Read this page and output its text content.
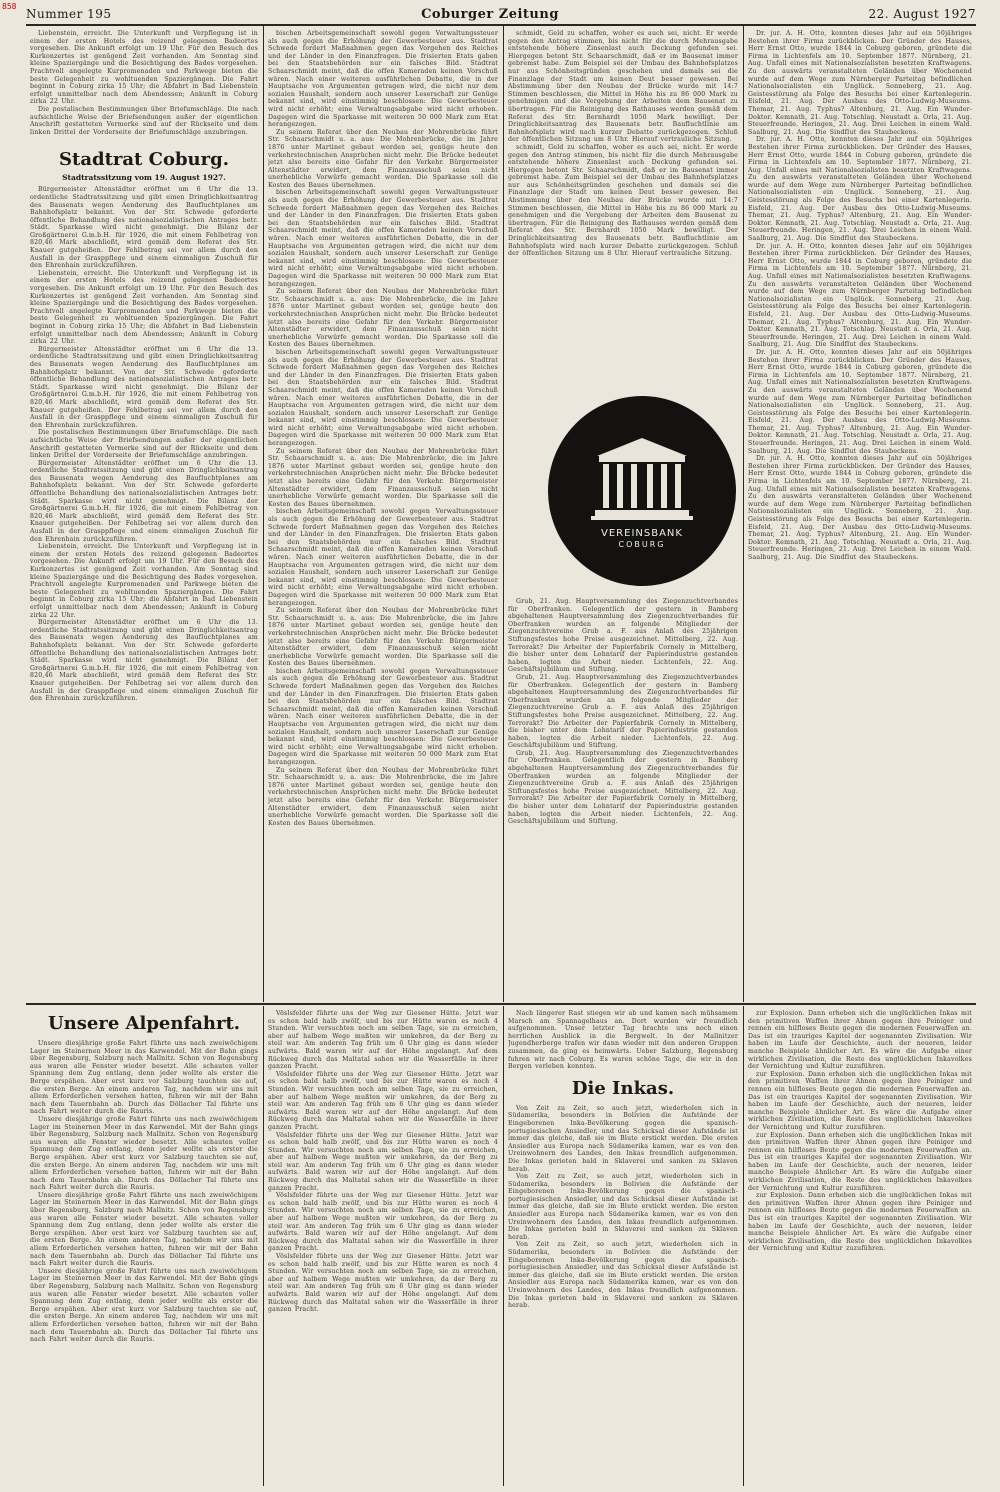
858
Nummer 195	Coburger Zeitung	22. August 1927

Liebenstein, erreicht. Die Unterkunft und Verpflegung ist in einem der ersten Hotels des reizend gelegenen Badeortes vorgesehen. Die Ankunft erfolgt um 19 Uhr. Für den Besuch des Kurkonzertes ist genügend Zeit vorhanden. Am Sonntag sind kleine Spaziergänge und die Besichtigung des Bades vorgesehen. Prachtvoll angelegte Kurpromenaden und Parkwege bieten die beste Gelegenheit zu wohltuenden Spaziergängen. Die Fahrt beginnt in Coburg zirka 15 Uhr; die Abfahrt in Bad Liebenstein erfolgt unmittelbar nach dem Abendessen; Ankunft in Coburg zirka 22 Uhr.

Die postalischen Bestimmungen über Briefumschläge. Die nach aufsichtliche Weise der Briefsendungen außer der eigentlichen Anschrift gestatteten Vermerke sind auf der Rückseite und dem linken Drittel der Vorderseite der Briefumschläge anzubringen.

Stadtrat Coburg.
Stadtratssitzung vom 19. August 1927.

Bürgermeister Altenstädter eröffnet um 6 Uhr die 13. ordentliche Stadtratssitzung und gibt einen Dringlichkeitsantrag des Bausenats wegen Aenderung des Baufluchtplanes am Bahnhofsplatz bekannt. Von der Str. Schwede geforderte öffentliche Behandlung des nationalsozialistischen Antrages betr. Städt. Sparkasse wird nicht genehmigt. Die Bilanz der Großgärtnerei G.m.b.H. für 1926, die mit einem Fehlbetrag von 820,46 Mark abschließt, wird gemäß dem Referat des Str. Knauer gutgeheißen. Der Fehlbetrag sei vor allem durch den Ausfall in der Grasppflege und einem einmaligen Zuschuß für den Ehrenhain zurückzuführen.

Liebenstein, erreicht. Die Unterkunft und Verpflegung ist in einem der ersten Hotels des reizend gelegenen Badeortes vorgesehen. Die Ankunft erfolgt um 19 Uhr. Für den Besuch des Kurkonzertes ist genügend Zeit vorhanden. Am Sonntag sind kleine Spaziergänge und die Besichtigung des Bades vorgesehen. Prachtvoll angelegte Kurpromenaden und Parkwege bieten die beste Gelegenheit zu wohltuenden Spaziergängen. Die Fahrt beginnt in Coburg zirka 15 Uhr; die Abfahrt in Bad Liebenstein erfolgt unmittelbar nach dem Abendessen; Ankunft in Coburg zirka 22 Uhr.

Bürgermeister Altenstädter eröffnet um 6 Uhr die 13. ordentliche Stadtratssitzung und gibt einen Dringlichkeitsantrag des Bausenats wegen Aenderung des Baufluchtplanes am Bahnhofsplatz bekannt. Von der Str. Schwede geforderte öffentliche Behandlung des nationalsozialistischen Antrages betr. Städt. Sparkasse wird nicht genehmigt. Die Bilanz der Großgärtnerei G.m.b.H. für 1926, die mit einem Fehlbetrag von 820,46 Mark abschließt, wird gemäß dem Referat des Str. Knauer gutgeheißen. Der Fehlbetrag sei vor allem durch den Ausfall in der Grasppflege und einem einmaligen Zuschuß für den Ehrenhain zurückzuführen.

Die postalischen Bestimmungen über Briefumschläge. Die nach aufsichtliche Weise der Briefsendungen außer der eigentlichen Anschrift gestatteten Vermerke sind auf der Rückseite und dem linken Drittel der Vorderseite der Briefumschläge anzubringen.

Bürgermeister Altenstädter eröffnet um 6 Uhr die 13. ordentliche Stadtratssitzung und gibt einen Dringlichkeitsantrag des Bausenats wegen Aenderung des Baufluchtplanes am Bahnhofsplatz bekannt. Von der Str. Schwede geforderte öffentliche Behandlung des nationalsozialistischen Antrages betr. Städt. Sparkasse wird nicht genehmigt. Die Bilanz der Großgärtnerei G.m.b.H. für 1926, die mit einem Fehlbetrag von 820,46 Mark abschließt, wird gemäß dem Referat des Str. Knauer gutgeheißen. Der Fehlbetrag sei vor allem durch den Ausfall in der Grasppflege und einem einmaligen Zuschuß für den Ehrenhain zurückzuführen.

Liebenstein, erreicht. Die Unterkunft und Verpflegung ist in einem der ersten Hotels des reizend gelegenen Badeortes vorgesehen. Die Ankunft erfolgt um 19 Uhr. Für den Besuch des Kurkonzertes ist genügend Zeit vorhanden. Am Sonntag sind kleine Spaziergänge und die Besichtigung des Bades vorgesehen. Prachtvoll angelegte Kurpromenaden und Parkwege bieten die beste Gelegenheit zu wohltuenden Spaziergängen. Die Fahrt beginnt in Coburg zirka 15 Uhr; die Abfahrt in Bad Liebenstein erfolgt unmittelbar nach dem Abendessen; Ankunft in Coburg zirka 22 Uhr.

Bürgermeister Altenstädter eröffnet um 6 Uhr die 13. ordentliche Stadtratssitzung und gibt einen Dringlichkeitsantrag des Bausenats wegen Aenderung des Baufluchtplanes am Bahnhofsplatz bekannt. Von der Str. Schwede geforderte öffentliche Behandlung des nationalsozialistischen Antrages betr. Städt. Sparkasse wird nicht genehmigt. Die Bilanz der Großgärtnerei G.m.b.H. für 1926, die mit einem Fehlbetrag von 820,46 Mark abschließt, wird gemäß dem Referat des Str. Knauer gutgeheißen. Der Fehlbetrag sei vor allem durch den Ausfall in der Grasppflege und einem einmaligen Zuschuß für den Ehrenhain zurückzuführen.

bischen Arbeitsgemeinschaft sowohl gegen Verwaltungssteuer als auch gegen die Erhöhung der Gewerbesteuer aus. Stadtrat Schwede fordert Maßnahmen gegen das Vorgehen des Reiches und der Länder in den Finanzfragen. Die frisierten Etats gaben bei den Staatsbehörden nur ein falsches Bild. Stadtrat Schaarschmidt meint, daß die offen Kameraden keinen Vorschuß wären. Nach einer weiteren ausführlichen Debatte, die in der Hauptsache von Argumenten getragen wird, die nicht nur dem sozialen Haushalt, sondern auch unserer Leserschaft zur Genüge bekannt sind, wird einstimmig beschlossen: Die Gewerbesteuer wird nicht erhöht; eine Verwaltungsabgabe wird nicht erhoben. Dagegen wird die Sparkasse mit weiteren 50 000 Mark zum Etat herangezogen.

Zu seinem Referat über den Neubau der Mohrenbrücke führt Str. Schaarschmidt u. a. aus: Die Mohrenbrücke, die im Jahre 1876 unter Martinet gebaut worden sei, genüge heute den verkehrstechnischen Ansprüchen nicht mehr. Die Brücke bedeutet jetzt also bereits eine Gefahr für den Verkehr. Bürgermeister Altenstädter erwidert, dem Finanzausschuß seien nicht unerhebliche Vorwürfe gemacht worden. Die Sparkasse soll die Kosten des Baues übernehmen.

bischen Arbeitsgemeinschaft sowohl gegen Verwaltungssteuer als auch gegen die Erhöhung der Gewerbesteuer aus. Stadtrat Schwede fordert Maßnahmen gegen das Vorgehen des Reiches und der Länder in den Finanzfragen. Die frisierten Etats gaben bei den Staatsbehörden nur ein falsches Bild. Stadtrat Schaarschmidt meint, daß die offen Kameraden keinen Vorschuß wären. Nach einer weiteren ausführlichen Debatte, die in der Hauptsache von Argumenten getragen wird, die nicht nur dem sozialen Haushalt, sondern auch unserer Leserschaft zur Genüge bekannt sind, wird einstimmig beschlossen: Die Gewerbesteuer wird nicht erhöht; eine Verwaltungsabgabe wird nicht erhoben. Dagegen wird die Sparkasse mit weiteren 50 000 Mark zum Etat herangezogen.

Zu seinem Referat über den Neubau der Mohrenbrücke führt Str. Schaarschmidt u. a. aus: Die Mohrenbrücke, die im Jahre 1876 unter Martinet gebaut worden sei, genüge heute den verkehrstechnischen Ansprüchen nicht mehr. Die Brücke bedeutet jetzt also bereits eine Gefahr für den Verkehr. Bürgermeister Altenstädter erwidert, dem Finanzausschuß seien nicht unerhebliche Vorwürfe gemacht worden. Die Sparkasse soll die Kosten des Baues übernehmen.

bischen Arbeitsgemeinschaft sowohl gegen Verwaltungssteuer als auch gegen die Erhöhung der Gewerbesteuer aus. Stadtrat Schwede fordert Maßnahmen gegen das Vorgehen des Reiches und der Länder in den Finanzfragen. Die frisierten Etats gaben bei den Staatsbehörden nur ein falsches Bild. Stadtrat Schaarschmidt meint, daß die offen Kameraden keinen Vorschuß wären. Nach einer weiteren ausführlichen Debatte, die in der Hauptsache von Argumenten getragen wird, die nicht nur dem sozialen Haushalt, sondern auch unserer Leserschaft zur Genüge bekannt sind, wird einstimmig beschlossen: Die Gewerbesteuer wird nicht erhöht; eine Verwaltungsabgabe wird nicht erhoben. Dagegen wird die Sparkasse mit weiteren 50 000 Mark zum Etat herangezogen.

Zu seinem Referat über den Neubau der Mohrenbrücke führt Str. Schaarschmidt u. a. aus: Die Mohrenbrücke, die im Jahre 1876 unter Martinet gebaut worden sei, genüge heute den verkehrstechnischen Ansprüchen nicht mehr. Die Brücke bedeutet jetzt also bereits eine Gefahr für den Verkehr. Bürgermeister Altenstädter erwidert, dem Finanzausschuß seien nicht unerhebliche Vorwürfe gemacht worden. Die Sparkasse soll die Kosten des Baues übernehmen.

bischen Arbeitsgemeinschaft sowohl gegen Verwaltungssteuer als auch gegen die Erhöhung der Gewerbesteuer aus. Stadtrat Schwede fordert Maßnahmen gegen das Vorgehen des Reiches und der Länder in den Finanzfragen. Die frisierten Etats gaben bei den Staatsbehörden nur ein falsches Bild. Stadtrat Schaarschmidt meint, daß die offen Kameraden keinen Vorschuß wären. Nach einer weiteren ausführlichen Debatte, die in der Hauptsache von Argumenten getragen wird, die nicht nur dem sozialen Haushalt, sondern auch unserer Leserschaft zur Genüge bekannt sind, wird einstimmig beschlossen: Die Gewerbesteuer wird nicht erhöht; eine Verwaltungsabgabe wird nicht erhoben. Dagegen wird die Sparkasse mit weiteren 50 000 Mark zum Etat herangezogen.

Zu seinem Referat über den Neubau der Mohrenbrücke führt Str. Schaarschmidt u. a. aus: Die Mohrenbrücke, die im Jahre 1876 unter Martinet gebaut worden sei, genüge heute den verkehrstechnischen Ansprüchen nicht mehr. Die Brücke bedeutet jetzt also bereits eine Gefahr für den Verkehr. Bürgermeister Altenstädter erwidert, dem Finanzausschuß seien nicht unerhebliche Vorwürfe gemacht worden. Die Sparkasse soll die Kosten des Baues übernehmen.

bischen Arbeitsgemeinschaft sowohl gegen Verwaltungssteuer als auch gegen die Erhöhung der Gewerbesteuer aus. Stadtrat Schwede fordert Maßnahmen gegen das Vorgehen des Reiches und der Länder in den Finanzfragen. Die frisierten Etats gaben bei den Staatsbehörden nur ein falsches Bild. Stadtrat Schaarschmidt meint, daß die offen Kameraden keinen Vorschuß wären. Nach einer weiteren ausführlichen Debatte, die in der Hauptsache von Argumenten getragen wird, die nicht nur dem sozialen Haushalt, sondern auch unserer Leserschaft zur Genüge bekannt sind, wird einstimmig beschlossen: Die Gewerbesteuer wird nicht erhöht; eine Verwaltungsabgabe wird nicht erhoben. Dagegen wird die Sparkasse mit weiteren 50 000 Mark zum Etat herangezogen.

Zu seinem Referat über den Neubau der Mohrenbrücke führt Str. Schaarschmidt u. a. aus: Die Mohrenbrücke, die im Jahre 1876 unter Martinet gebaut worden sei, genüge heute den verkehrstechnischen Ansprüchen nicht mehr. Die Brücke bedeutet jetzt also bereits eine Gefahr für den Verkehr. Bürgermeister Altenstädter erwidert, dem Finanzausschuß seien nicht unerhebliche Vorwürfe gemacht worden. Die Sparkasse soll die Kosten des Baues übernehmen.

schmidt, Geld zu schaffen, woher es auch sei, nicht. Er werde gegen den Antrag stimmen, bis nicht für die durch Mehrausgabe entstehende höhere Zinsenlast auch Deckung gefunden sei. Hiergegen betont Str. Schaarschmidt, daß er im Bausenat immer gebremst habe. Zum Beispiel sei der Umbau des Bahnhofsplatzes nur aus Schönheitsgründen geschehen und damals sei die Finanzlage der Stadt um keinen Deut besser gewesen. Bei Abstimmung über den Neubau der Brücke wurde mit 14:7 Stimmen beschlossen, die Mittel in Höhe bis zu 86 000 Mark zu genehmigen und die Vergebung der Arbeiten dem Bausenat zu übertragen. Für die Reinigung des Rathauses werden gemäß dem Referat des Str. Bernhardt 1050 Mark bewilligt. Der Dringlichkeitsantrag des Bausenats betr. Baufluchtlinie am Bahnhofsplatz wird nach kurzer Debatte zurückgezogen. Schluß der öffentlichen Sitzung um 8 Uhr. Hierauf vertrauliche Sitzung.

schmidt, Geld zu schaffen, woher es auch sei, nicht. Er werde gegen den Antrag stimmen, bis nicht für die durch Mehrausgabe entstehende höhere Zinsenlast auch Deckung gefunden sei. Hiergegen betont Str. Schaarschmidt, daß er im Bausenat immer gebremst habe. Zum Beispiel sei der Umbau des Bahnhofsplatzes nur aus Schönheitsgründen geschehen und damals sei die Finanzlage der Stadt um keinen Deut besser gewesen. Bei Abstimmung über den Neubau der Brücke wurde mit 14:7 Stimmen beschlossen, die Mittel in Höhe bis zu 86 000 Mark zu genehmigen und die Vergebung der Arbeiten dem Bausenat zu übertragen. Für die Reinigung des Rathauses werden gemäß dem Referat des Str. Bernhardt 1050 Mark bewilligt. Der Dringlichkeitsantrag des Bausenats betr. Baufluchtlinie am Bahnhofsplatz wird nach kurzer Debatte zurückgezogen. Schluß der öffentlichen Sitzung um 8 Uhr. Hierauf vertrauliche Sitzung.

VEREINSBANK
COBURG

Grub, 21. Aug. Hauptversammlung des Ziegenzuchtverbandes für Oberfranken. Gelegentlich der gestern in Bamberg abgehaltenen Hauptversammlung des Ziegenzuchtverbandes für Oberfranken wurden an folgende Mitglieder der Ziegenzuchtvereine Grub a. F. aus Anlaß des 25jährigen Stiftungsfestes hohe Preise ausgezeichnet. Mittelberg, 22. Aug. Terrorakt? Die Arbeiter der Papierfabrik Cornely in Mittelberg, die bisher unter dem Lohntarif der Papierindustrie gestanden haben, legten die Arbeit nieder. Lichtenfels, 22. Aug. Geschäftsjubiläum und Stiftung.

Grub, 21. Aug. Hauptversammlung des Ziegenzuchtverbandes für Oberfranken. Gelegentlich der gestern in Bamberg abgehaltenen Hauptversammlung des Ziegenzuchtverbandes für Oberfranken wurden an folgende Mitglieder der Ziegenzuchtvereine Grub a. F. aus Anlaß des 25jährigen Stiftungsfestes hohe Preise ausgezeichnet. Mittelberg, 22. Aug. Terrorakt? Die Arbeiter der Papierfabrik Cornely in Mittelberg, die bisher unter dem Lohntarif der Papierindustrie gestanden haben, legten die Arbeit nieder. Lichtenfels, 22. Aug. Geschäftsjubiläum und Stiftung.

Grub, 21. Aug. Hauptversammlung des Ziegenzuchtverbandes für Oberfranken. Gelegentlich der gestern in Bamberg abgehaltenen Hauptversammlung des Ziegenzuchtverbandes für Oberfranken wurden an folgende Mitglieder der Ziegenzuchtvereine Grub a. F. aus Anlaß des 25jährigen Stiftungsfestes hohe Preise ausgezeichnet. Mittelberg, 22. Aug. Terrorakt? Die Arbeiter der Papierfabrik Cornely in Mittelberg, die bisher unter dem Lohntarif der Papierindustrie gestanden haben, legten die Arbeit nieder. Lichtenfels, 22. Aug. Geschäftsjubiläum und Stiftung.

Dr. jur. A. H. Otto, konnten dieses Jahr auf ein 50jähriges Bestehen ihrer Firma zurückblicken. Der Gründer des Hauses, Herr Ernst Otto, wurde 1844 in Coburg geboren, gründete die Firma in Lichtenfels am 10. September 1877. Nürnberg, 21. Aug. Unfall eines mit Nationalsozialisten besetzten Kraftwagens. Zu den auswärts veranstalteten Geländen über Wochenend wurde auf dem Wege zum Nürnberger Parteitag befindlichen Nationalsozialisten ein Unglück. Sonneberg, 21. Aug. Geistesstörung als Folge des Besuchs bei einer Kartenlegerin. Eisfeld, 21. Aug. Der Ausbau des Otto-Ludwig-Museums. Themar, 21. Aug. Typhus? Altenburg, 21. Aug. Ein Wunder-Doktor. Kemnath, 21. Aug. Totschlag. Neustadt a. Orla, 21. Aug. Steuerfreunde. Heringen, 21. Aug. Drei Leichen in einem Wald. Saalburg, 21. Aug. Die Sindflut des Staubeckens.

Dr. jur. A. H. Otto, konnten dieses Jahr auf ein 50jähriges Bestehen ihrer Firma zurückblicken. Der Gründer des Hauses, Herr Ernst Otto, wurde 1844 in Coburg geboren, gründete die Firma in Lichtenfels am 10. September 1877. Nürnberg, 21. Aug. Unfall eines mit Nationalsozialisten besetzten Kraftwagens. Zu den auswärts veranstalteten Geländen über Wochenend wurde auf dem Wege zum Nürnberger Parteitag befindlichen Nationalsozialisten ein Unglück. Sonneberg, 21. Aug. Geistesstörung als Folge des Besuchs bei einer Kartenlegerin. Eisfeld, 21. Aug. Der Ausbau des Otto-Ludwig-Museums. Themar, 21. Aug. Typhus? Altenburg, 21. Aug. Ein Wunder-Doktor. Kemnath, 21. Aug. Totschlag. Neustadt a. Orla, 21. Aug. Steuerfreunde. Heringen, 21. Aug. Drei Leichen in einem Wald. Saalburg, 21. Aug. Die Sindflut des Staubeckens.

Dr. jur. A. H. Otto, konnten dieses Jahr auf ein 50jähriges Bestehen ihrer Firma zurückblicken. Der Gründer des Hauses, Herr Ernst Otto, wurde 1844 in Coburg geboren, gründete die Firma in Lichtenfels am 10. September 1877. Nürnberg, 21. Aug. Unfall eines mit Nationalsozialisten besetzten Kraftwagens. Zu den auswärts veranstalteten Geländen über Wochenend wurde auf dem Wege zum Nürnberger Parteitag befindlichen Nationalsozialisten ein Unglück. Sonneberg, 21. Aug. Geistesstörung als Folge des Besuchs bei einer Kartenlegerin. Eisfeld, 21. Aug. Der Ausbau des Otto-Ludwig-Museums. Themar, 21. Aug. Typhus? Altenburg, 21. Aug. Ein Wunder-Doktor. Kemnath, 21. Aug. Totschlag. Neustadt a. Orla, 21. Aug. Steuerfreunde. Heringen, 21. Aug. Drei Leichen in einem Wald. Saalburg, 21. Aug. Die Sindflut des Staubeckens.

Dr. jur. A. H. Otto, konnten dieses Jahr auf ein 50jähriges Bestehen ihrer Firma zurückblicken. Der Gründer des Hauses, Herr Ernst Otto, wurde 1844 in Coburg geboren, gründete die Firma in Lichtenfels am 10. September 1877. Nürnberg, 21. Aug. Unfall eines mit Nationalsozialisten besetzten Kraftwagens. Zu den auswärts veranstalteten Geländen über Wochenend wurde auf dem Wege zum Nürnberger Parteitag befindlichen Nationalsozialisten ein Unglück. Sonneberg, 21. Aug. Geistesstörung als Folge des Besuchs bei einer Kartenlegerin. Eisfeld, 21. Aug. Der Ausbau des Otto-Ludwig-Museums. Themar, 21. Aug. Typhus? Altenburg, 21. Aug. Ein Wunder-Doktor. Kemnath, 21. Aug. Totschlag. Neustadt a. Orla, 21. Aug. Steuerfreunde. Heringen, 21. Aug. Drei Leichen in einem Wald. Saalburg, 21. Aug. Die Sindflut des Staubeckens.

Dr. jur. A. H. Otto, konnten dieses Jahr auf ein 50jähriges Bestehen ihrer Firma zurückblicken. Der Gründer des Hauses, Herr Ernst Otto, wurde 1844 in Coburg geboren, gründete die Firma in Lichtenfels am 10. September 1877. Nürnberg, 21. Aug. Unfall eines mit Nationalsozialisten besetzten Kraftwagens. Zu den auswärts veranstalteten Geländen über Wochenend wurde auf dem Wege zum Nürnberger Parteitag befindlichen Nationalsozialisten ein Unglück. Sonneberg, 21. Aug. Geistesstörung als Folge des Besuchs bei einer Kartenlegerin. Eisfeld, 21. Aug. Der Ausbau des Otto-Ludwig-Museums. Themar, 21. Aug. Typhus? Altenburg, 21. Aug. Ein Wunder-Doktor. Kemnath, 21. Aug. Totschlag. Neustadt a. Orla, 21. Aug. Steuerfreunde. Heringen, 21. Aug. Drei Leichen in einem Wald. Saalburg, 21. Aug. Die Sindflut des Staubeckens.

Unsere Alpenfahrt.

Unsere diesjährige große Fahrt führte uns nach zweiwöchigem Lager im Steinernen Meer in das Karwendel. Mit der Bahn gings über Regensburg, Salzburg nach Mallnitz. Schon von Regensburg aus waren alle Fenster wieder besetzt. Alle schauten voller Spannung dem Zug entlang, denn jeder wollte als erster die Berge erspähen. Aber erst kurz vor Salzburg tauchten sie auf, die ersten Berge. An einem anderen Tag, nachdem wir uns mit allem Erforderlichen versehen hatten, fuhren wir mit der Bahn nach dem Tauernbahn ab. Durch das Döllacher Tal führte uns nach Fahrt weiter durch die Rauris.

Unsere diesjährige große Fahrt führte uns nach zweiwöchigem Lager im Steinernen Meer in das Karwendel. Mit der Bahn gings über Regensburg, Salzburg nach Mallnitz. Schon von Regensburg aus waren alle Fenster wieder besetzt. Alle schauten voller Spannung dem Zug entlang, denn jeder wollte als erster die Berge erspähen. Aber erst kurz vor Salzburg tauchten sie auf, die ersten Berge. An einem anderen Tag, nachdem wir uns mit allem Erforderlichen versehen hatten, fuhren wir mit der Bahn nach dem Tauernbahn ab. Durch das Döllacher Tal führte uns nach Fahrt weiter durch die Rauris.

Unsere diesjährige große Fahrt führte uns nach zweiwöchigem Lager im Steinernen Meer in das Karwendel. Mit der Bahn gings über Regensburg, Salzburg nach Mallnitz. Schon von Regensburg aus waren alle Fenster wieder besetzt. Alle schauten voller Spannung dem Zug entlang, denn jeder wollte als erster die Berge erspähen. Aber erst kurz vor Salzburg tauchten sie auf, die ersten Berge. An einem anderen Tag, nachdem wir uns mit allem Erforderlichen versehen hatten, fuhren wir mit der Bahn nach dem Tauernbahn ab. Durch das Döllacher Tal führte uns nach Fahrt weiter durch die Rauris.

Unsere diesjährige große Fahrt führte uns nach zweiwöchigem Lager im Steinernen Meer in das Karwendel. Mit der Bahn gings über Regensburg, Salzburg nach Mallnitz. Schon von Regensburg aus waren alle Fenster wieder besetzt. Alle schauten voller Spannung dem Zug entlang, denn jeder wollte als erster die Berge erspähen. Aber erst kurz vor Salzburg tauchten sie auf, die ersten Berge. An einem anderen Tag, nachdem wir uns mit allem Erforderlichen versehen hatten, fuhren wir mit der Bahn nach dem Tauernbahn ab. Durch das Döllacher Tal führte uns nach Fahrt weiter durch die Rauris.

Vöslsfelder führte uns der Weg zur Giesener Hütte. Jetzt war es schon bald halb zwölf, und bis zur Hütte waren es noch 4 Stunden. Wir versuchten noch am selben Tage, sie zu erreichen, aber auf halbem Wege mußten wir umkehren, da der Berg zu steil war. Am anderen Tag früh um 6 Uhr ging es dann wieder aufwärts. Bald waren wir auf der Höhe angelangt. Auf dem Rückweg durch das Maltatal sahen wir die Wasserfälle in ihrer ganzen Pracht.

Vöslsfelder führte uns der Weg zur Giesener Hütte. Jetzt war es schon bald halb zwölf, und bis zur Hütte waren es noch 4 Stunden. Wir versuchten noch am selben Tage, sie zu erreichen, aber auf halbem Wege mußten wir umkehren, da der Berg zu steil war. Am anderen Tag früh um 6 Uhr ging es dann wieder aufwärts. Bald waren wir auf der Höhe angelangt. Auf dem Rückweg durch das Maltatal sahen wir die Wasserfälle in ihrer ganzen Pracht.

Vöslsfelder führte uns der Weg zur Giesener Hütte. Jetzt war es schon bald halb zwölf, und bis zur Hütte waren es noch 4 Stunden. Wir versuchten noch am selben Tage, sie zu erreichen, aber auf halbem Wege mußten wir umkehren, da der Berg zu steil war. Am anderen Tag früh um 6 Uhr ging es dann wieder aufwärts. Bald waren wir auf der Höhe angelangt. Auf dem Rückweg durch das Maltatal sahen wir die Wasserfälle in ihrer ganzen Pracht.

Vöslsfelder führte uns der Weg zur Giesener Hütte. Jetzt war es schon bald halb zwölf, und bis zur Hütte waren es noch 4 Stunden. Wir versuchten noch am selben Tage, sie zu erreichen, aber auf halbem Wege mußten wir umkehren, da der Berg zu steil war. Am anderen Tag früh um 6 Uhr ging es dann wieder aufwärts. Bald waren wir auf der Höhe angelangt. Auf dem Rückweg durch das Maltatal sahen wir die Wasserfälle in ihrer ganzen Pracht.

Vöslsfelder führte uns der Weg zur Giesener Hütte. Jetzt war es schon bald halb zwölf, und bis zur Hütte waren es noch 4 Stunden. Wir versuchten noch am selben Tage, sie zu erreichen, aber auf halbem Wege mußten wir umkehren, da der Berg zu steil war. Am anderen Tag früh um 6 Uhr ging es dann wieder aufwärts. Bald waren wir auf der Höhe angelangt. Auf dem Rückweg durch das Maltatal sahen wir die Wasserfälle in ihrer ganzen Pracht.

Nach längerer Rast stiegen wir ab und kamen nach mühsamem Marsch am Spannagelhaus an. Dort wurden wir freundlich aufgenommen. Unser letzter Tag brachte uns noch einen herrlichen Ausblick in die Bergwelt. In der Mallnitzer Jugendherberge trafen wir dann wieder mit den anderen Gruppen zusammen, da ging es heimwärts. Ueber Salzburg, Regensburg fuhren wir nach Coburg. Es waren schöne Tage, die wir in den Bergen verleben konnten.

Die Inkas.

Von Zeit zu Zeit, so auch jetzt, wiederholen sich in Südamerika, besonders in Bolivien die Aufstände der Eingeborenen Inka-Bevölkerung gegen die spanisch-portugiesischen Ansiedler, und das Schicksal dieser Aufstände ist immer das gleiche, daß sie im Blute erstickt werden. Die ersten Ansiedler aus Europa nach Südamerika kamen, war es von den Ureinwohnern des Landes, den Inkas freundlich aufgenommen. Die Inkas gerieten bald in Sklaverei und sanken zu Sklaven herab.

Von Zeit zu Zeit, so auch jetzt, wiederholen sich in Südamerika, besonders in Bolivien die Aufstände der Eingeborenen Inka-Bevölkerung gegen die spanisch-portugiesischen Ansiedler, und das Schicksal dieser Aufstände ist immer das gleiche, daß sie im Blute erstickt werden. Die ersten Ansiedler aus Europa nach Südamerika kamen, war es von den Ureinwohnern des Landes, den Inkas freundlich aufgenommen. Die Inkas gerieten bald in Sklaverei und sanken zu Sklaven herab.

Von Zeit zu Zeit, so auch jetzt, wiederholen sich in Südamerika, besonders in Bolivien die Aufstände der Eingeborenen Inka-Bevölkerung gegen die spanisch-portugiesischen Ansiedler, und das Schicksal dieser Aufstände ist immer das gleiche, daß sie im Blute erstickt werden. Die ersten Ansiedler aus Europa nach Südamerika kamen, war es von den Ureinwohnern des Landes, den Inkas freundlich aufgenommen. Die Inkas gerieten bald in Sklaverei und sanken zu Sklaven herab.

zur Explosion. Dann erheben sich die unglücklichen Inkas mit den primitiven Waffen ihrer Ahnen gegen ihre Peiniger und rennen ein hilfloses Beute gegen die modernen Feuerwaffen an. Das ist ein trauriges Kapitel der sogenannten Zivilisation. Wir haben im Laufe der Geschichte, auch der neueren, leider manche Beispiele ähnlicher Art. Es wäre die Aufgabe einer wirklichen Zivilisation, die Reste des unglücklichen Inkavolkes der Vernichtung und Kultur zuzuführen.

zur Explosion. Dann erheben sich die unglücklichen Inkas mit den primitiven Waffen ihrer Ahnen gegen ihre Peiniger und rennen ein hilfloses Beute gegen die modernen Feuerwaffen an. Das ist ein trauriges Kapitel der sogenannten Zivilisation. Wir haben im Laufe der Geschichte, auch der neueren, leider manche Beispiele ähnlicher Art. Es wäre die Aufgabe einer wirklichen Zivilisation, die Reste des unglücklichen Inkavolkes der Vernichtung und Kultur zuzuführen.

zur Explosion. Dann erheben sich die unglücklichen Inkas mit den primitiven Waffen ihrer Ahnen gegen ihre Peiniger und rennen ein hilfloses Beute gegen die modernen Feuerwaffen an. Das ist ein trauriges Kapitel der sogenannten Zivilisation. Wir haben im Laufe der Geschichte, auch der neueren, leider manche Beispiele ähnlicher Art. Es wäre die Aufgabe einer wirklichen Zivilisation, die Reste des unglücklichen Inkavolkes der Vernichtung und Kultur zuzuführen.

zur Explosion. Dann erheben sich die unglücklichen Inkas mit den primitiven Waffen ihrer Ahnen gegen ihre Peiniger und rennen ein hilfloses Beute gegen die modernen Feuerwaffen an. Das ist ein trauriges Kapitel der sogenannten Zivilisation. Wir haben im Laufe der Geschichte, auch der neueren, leider manche Beispiele ähnlicher Art. Es wäre die Aufgabe einer wirklichen Zivilisation, die Reste des unglücklichen Inkavolkes der Vernichtung und Kultur zuzuführen.
